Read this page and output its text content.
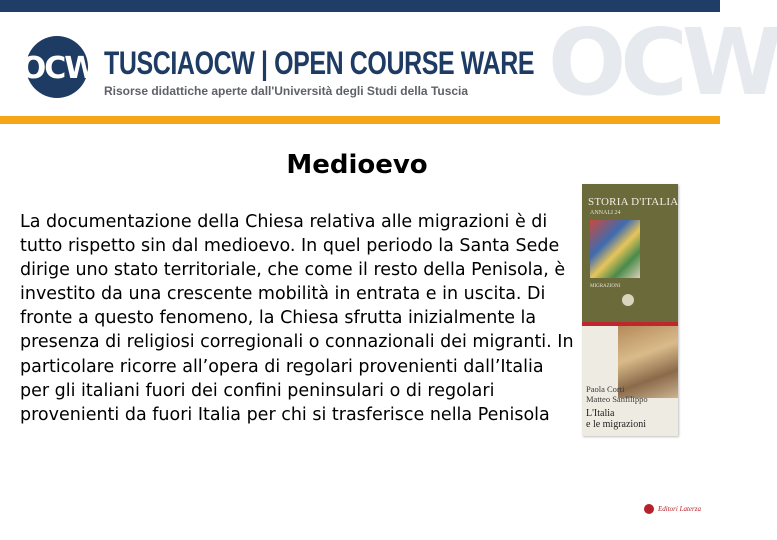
OCW
OCW TUSCIAOCW | OPEN COURSE WARE
Risorse didattiche aperte dall'Università degli Studi della Tuscia
Medioevo

La documentazione della Chiesa relativa alle migrazioni è di tutto rispetto sin dal medioevo. In quel periodo la Santa Sede dirige uno stato territoriale, che come il resto della Penisola, è investito da una crescente mobilità in entrata e in uscita. Di fronte a questo fenomeno, la Chiesa sfrutta inizialmente la presenza di religiosi corregionali o connazionali dei migranti. In particolare ricorre all’opera di regolari provenienti dall’Italia per gli italiani fuori dei confini peninsulari o di regolari provenienti da fuori Italia per chi si trasferisce nella Penisola

STORIA D'ITALIA
ANNALI 24
MIGRAZIONI
Paola Corti
Matteo Sanfilippo
L'Italia
e le migrazioni
Editori Laterza
